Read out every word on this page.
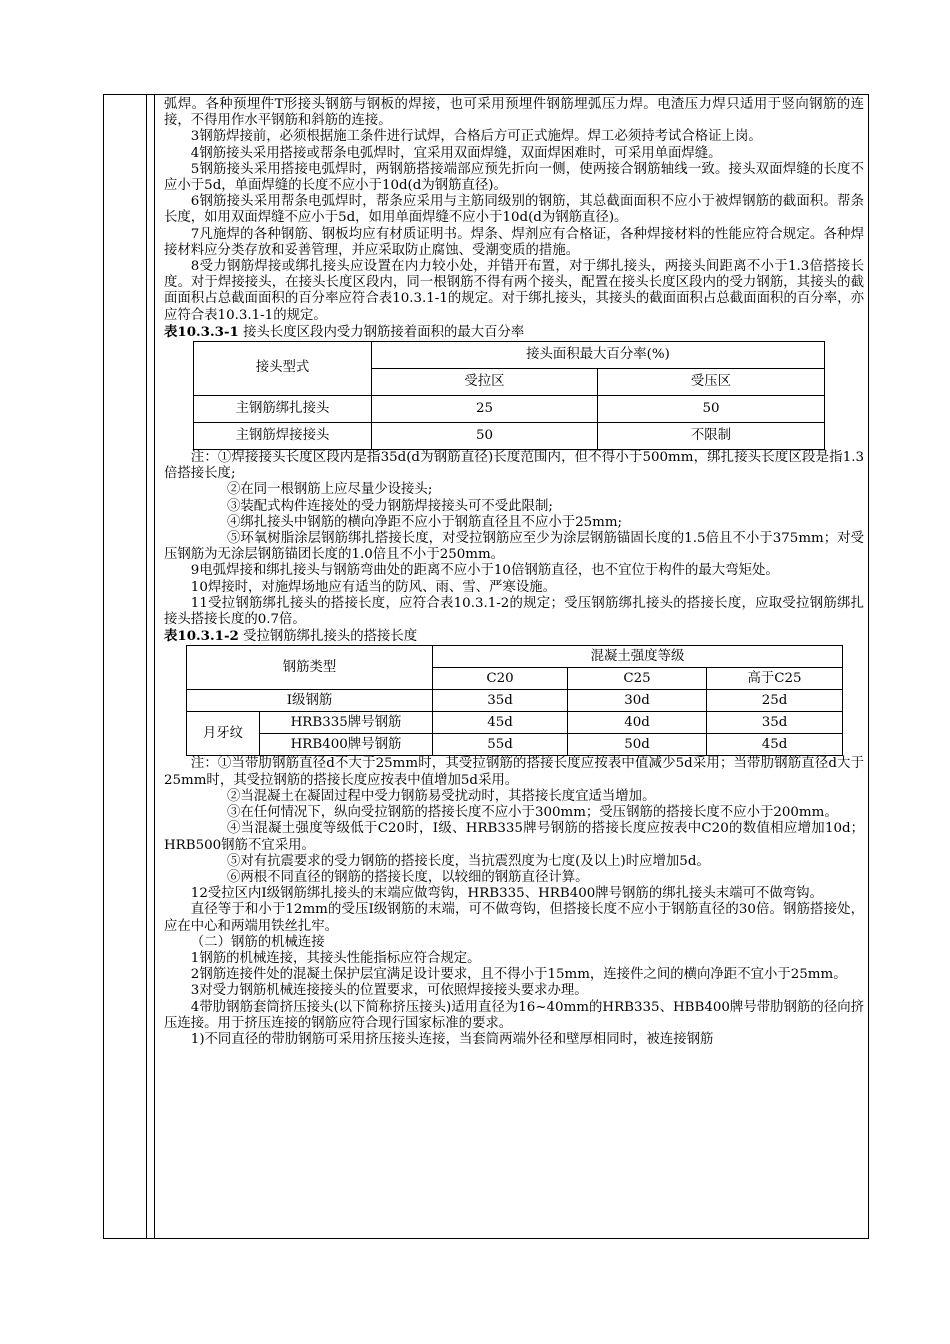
弧焊。各种预埋件T形接头钢筋与钢板的焊接，也可采用预埋件钢筋埋弧压力焊。电渣压力焊只适用于竖向钢筋的连接，不得用作水平钢筋和斜筋的连接。

3钢筋焊接前，必须根据施工条件进行试焊，合格后方可正式施焊。焊工必须持考试合格证上岗。

4钢筋接头采用搭接或帮条电弧焊时，宜采用双面焊缝，双面焊困难时，可采用单面焊缝。

5钢筋接头采用搭接电弧焊时，两钢筋搭接端部应预先折向一侧，使两接合钢筋轴线一致。接头双面焊缝的长度不应小于5d，单面焊缝的长度不应小于10d(d为钢筋直径)。

6钢筋接头采用帮条电弧焊时，帮条应采用与主筋同级别的钢筋，其总截面面积不应小于被焊钢筋的截面积。帮条长度，如用双面焊缝不应小于5d，如用单面焊缝不应小于10d(d为钢筋直径)。

7凡施焊的各种钢筋、钢板均应有材质证明书。焊条、焊剂应有合格证，各种焊接材料的性能应符合规定。各种焊接材料应分类存放和妥善管理，并应采取防止腐蚀、受潮变质的措施。

8受力钢筋焊接或绑扎接头应设置在内力较小处，并错开布置，对于绑扎接头，两接头间距离不小于1.3倍搭接长度。对于焊接接头，在接头长度区段内，同一根钢筋不得有两个接头，配置在接头长度区段内的受力钢筋，其接头的截面面积占总截面面积的百分率应符合表10.3.1-1的规定。对于绑扎接头，其接头的截面面积占总截面面积的百分率，亦应符合表10.3.1-1的规定。

表10.3.3-1 接头长度区段内受力钢筋接着面积的最大百分率

接头型式	接头面积最大百分率(%)	
	受拉区	受压区
主钢筋绑扎接头	25	50
主钢筋焊接接头	50	不限制

注：①焊接接头长度区段内是指35d(d为钢筋直径)长度范围内，但不得小于500mm，绑扎接头长度区段是指1.3倍搭接长度;

②在同一根钢筋上应尽量少设接头;

③装配式构件连接处的受力钢筋焊接接头可不受此限制;

④绑扎接头中钢筋的横向净距不应小于钢筋直径且不应小于25mm;

⑤环氧树脂涂层钢筋绑扎搭接长度，对受拉钢筋应至少为涂层钢筋锚固长度的1.5倍且不小于375mm；对受压钢筋为无涂层钢筋锚团长度的1.0倍且不小于250mm。

9电弧焊接和绑扎接头与钢筋弯曲处的距离不应小于10倍钢筋直径，也不宜位于构件的最大弯矩处。

10焊接时，对施焊场地应有适当的防风、雨、雪、严寒设施。

11受拉钢筋绑扎接头的搭接长度，应符合表10.3.1-2的规定；受压钢筋绑扎接头的搭接长度，应取受拉钢筋绑扎接头搭接长度的0.7倍。

表10.3.1-2 受拉钢筋绑扎接头的搭接长度

钢筋类型		混凝土强度等级		
		C20	C25	高于C25
Ⅰ级钢筋		35d	30d	25d
月牙纹	HRB335牌号钢筋	45d	40d	35d
	HRB400牌号钢筋	55d	50d	45d

注：①当带肋钢筋直径d不大于25mm时，其受拉钢筋的搭接长度应按表中值减少5d采用；当带肋钢筋直径d大于25mm时，其受拉钢筋的搭接长度应按表中值增加5d采用。

②当混凝土在凝固过程中受力钢筋易受扰动时，其搭接长度宜适当增加。

③在任何情况下，纵向受拉钢筋的搭接长度不应小于300mm；受压钢筋的搭接长度不应小于200mm。

④当混凝土强度等级低于C20时，Ⅰ级、HRB335牌号钢筋的搭接长度应按表中C20的数值相应增加10d；HRB500钢筋不宜采用。

⑤对有抗震要求的受力钢筋的搭接长度，当抗震烈度为七度(及以上)时应增加5d。

⑥两根不同直径的钢筋的搭接长度，以较细的钢筋直径计算。

12受拉区内Ⅰ级钢筋绑扎接头的末端应做弯钩，HRB335、HRB400牌号钢筋的绑扎接头末端可不做弯钩。

直径等于和小于12mm的受压Ⅰ级钢筋的末端，可不做弯钩，但搭接长度不应小于钢筋直径的30倍。钢筋搭接处，应在中心和两端用铁丝扎牢。

（二）钢筋的机械连接

1钢筋的机械连接，其接头性能指标应符合规定。

2钢筋连接件处的混凝土保护层宜满足设计要求，且不得小于15mm，连接件之间的横向净距不宜小于25mm。

3对受力钢筋机械连接接头的位置要求，可依照焊接接头要求办理。

4带肋钢筋套筒挤压接头(以下简称挤压接头)适用直径为16~40mm的HRB335、HBB400牌号带肋钢筋的径向挤压连接。用于挤压连接的钢筋应符合现行国家标准的要求。

1)不同直径的带肋钢筋可采用挤压接头连接，当套筒两端外径和壁厚相同时，被连接钢筋
